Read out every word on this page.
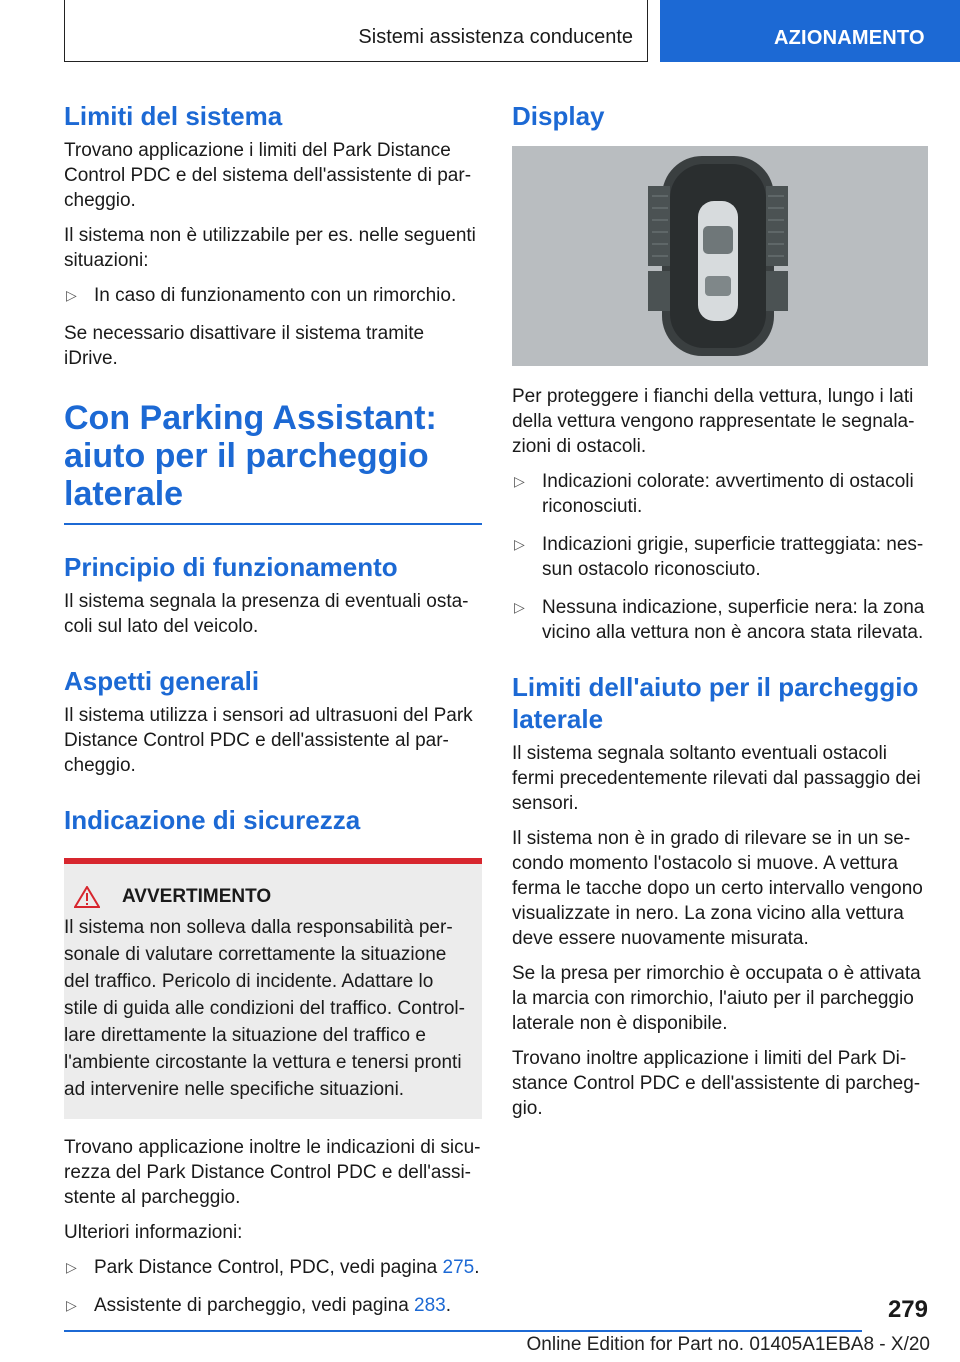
Sistemi assistenza conducente	AZIONAMENTO
Limiti del sistema

Trovano applicazione i limiti del Park Distance Control PDC e del sistema dell'assistente di par-cheggio.

Il sistema non è utilizzabile per es. nelle seguenti situazioni:

▷ In caso di funzionamento con un rimorchio.

Se necessario disattivare il sistema tramite iDrive.

Con Parking Assistant: aiuto per il parcheggio laterale
Principio di funzionamento

Il sistema segnala la presenza di eventuali osta-coli sul lato del veicolo.

Aspetti generali

Il sistema utilizza i sensori ad ultrasuoni del Park Distance Control PDC e dell'assistente al par-cheggio.

Indicazione di sicurezza
AVVERTIMENTO

Il sistema non solleva dalla responsabilità per-sonale di valutare correttamente la situazione del traffico. Pericolo di incidente. Adattare lo stile di guida alle condizioni del traffico. Control-lare direttamente la situazione del traffico e l'ambiente circostante la vettura e tenersi pronti ad intervenire nelle specifiche situazioni.

Trovano applicazione inoltre le indicazioni di sicu-rezza del Park Distance Control PDC e dell'assi-stente al parcheggio.

Ulteriori informazioni:

▷ Park Distance Control, PDC, vedi pagina 275.
▷ Assistente di parcheggio, vedi pagina 283.
Display

Per proteggere i fianchi della vettura, lungo i lati della vettura vengono rappresentate le segnala-zioni di ostacoli.

▷ Indicazioni colorate: avvertimento di ostacoli riconosciuti.
▷ Indicazioni grigie, superficie tratteggiata: nes-sun ostacolo riconosciuto.
▷ Nessuna indicazione, superficie nera: la zona vicino alla vettura non è ancora stata rilevata.
Limiti dell'aiuto per il parcheggio laterale

Il sistema segnala soltanto eventuali ostacoli fermi precedentemente rilevati dal passaggio dei sensori.

Il sistema non è in grado di rilevare se in un se-condo momento l'ostacolo si muove. A vettura ferma le tacche dopo un certo intervallo vengono visualizzate in nero. La zona vicino alla vettura deve essere nuovamente misurata.

Se la presa per rimorchio è occupata o è attivata la marcia con rimorchio, l'aiuto per il parcheggio laterale non è disponibile.

Trovano inoltre applicazione i limiti del Park Di-stance Control PDC e dell'assistente di parcheg-gio.

279
Online Edition for Part no. 01405A1EBA8 - X/20
